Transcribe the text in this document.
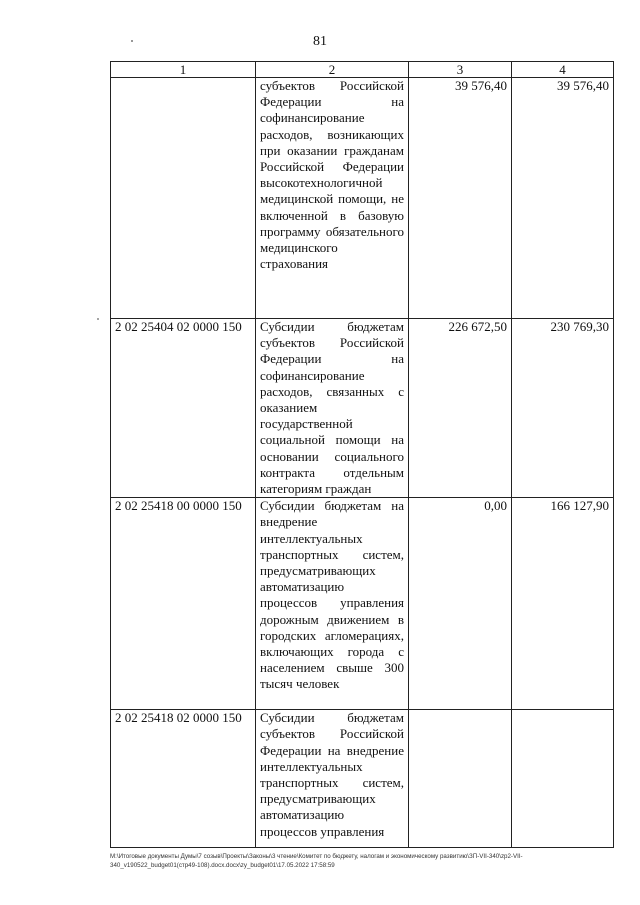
81
1	2	3	4
	субъектов Российской Федерации на софинансирование расходов, возникающих при оказании гражданам Российской Федерации высокотехнологичной медицинской помощи, не включенной в базовую программу обязательного медицинского страхования	39 576,40	39 576,40
2 02 25404 02 0000 150	Субсидии бюджетам субъектов Российской Федерации на софинансирование расходов, связанных с оказанием государственной социальной помощи на основании социального контракта отдельным категориям граждан	226 672,50	230 769,30
2 02 25418 00 0000 150	Субсидии бюджетам на внедрение интеллектуальных транспортных систем, предусматривающих автоматизацию процессов управления дорожным движением в городских агломерациях, включающих города с населением свыше 300 тысяч человек	0,00	166 127,90
2 02 25418 02 0000 150	Субсидии бюджетам субъектов Российской Федерации на внедрение интеллектуальных транспортных систем, предусматривающих автоматизацию процессов управления		
M:\Итоговые документы Думы\7 созыв\Проекты\Законы\3 чтение\Комитет по бюджету, налогам и экономическому развитию\ЗП-VII-340\zp2-VII-
340_v190522_budget01(стр49-108).docx.docx\zy_budget01\17.05.2022 17:58:59
